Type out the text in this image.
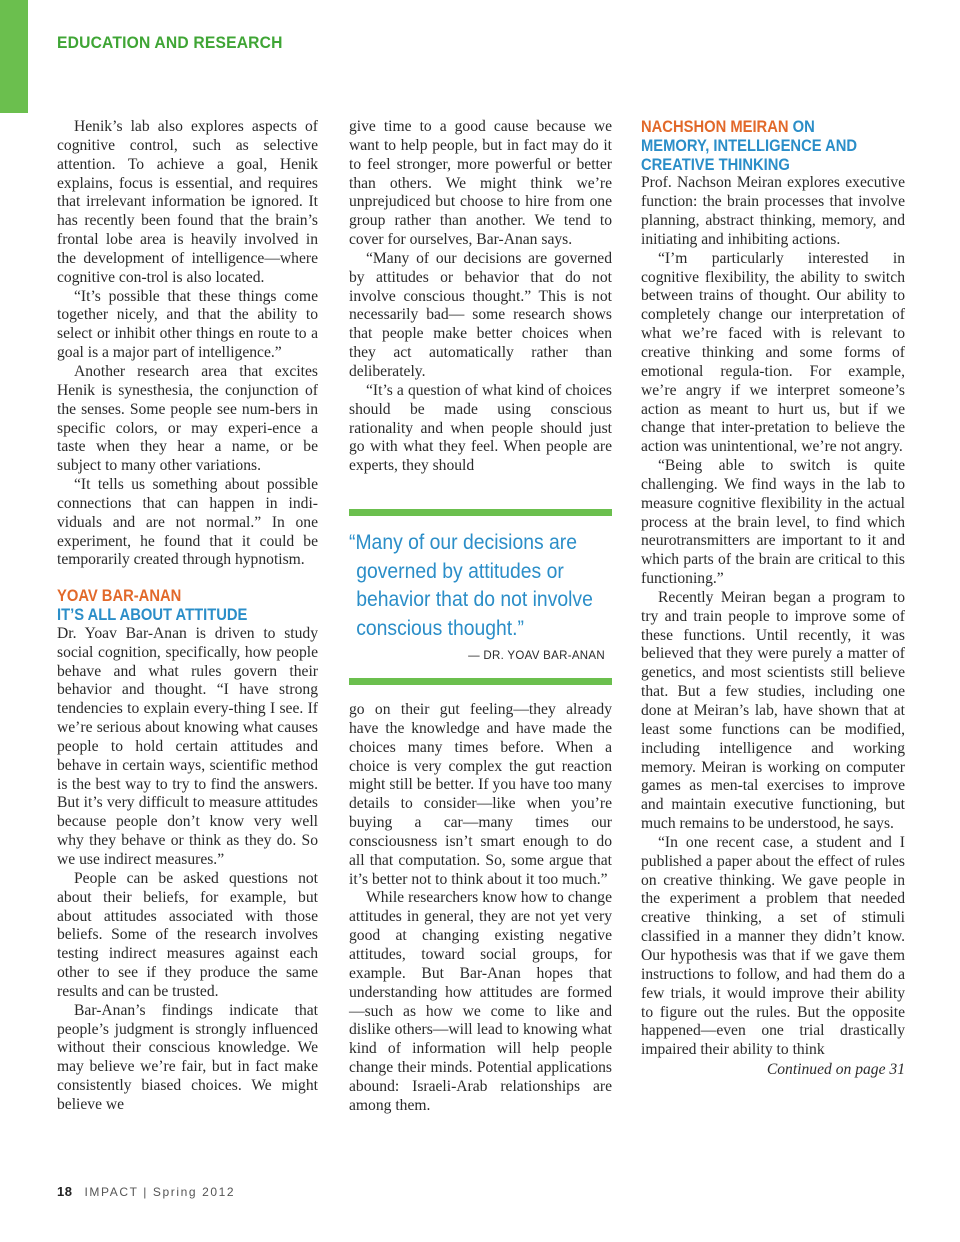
EDUCATION AND RESEARCH

Henik’s lab also explores aspects of cognitive control, such as selective attention. To achieve a goal, Henik explains, focus is essential, and requires that irrelevant information be ignored. It has recently been found that the brain’s frontal lobe area is heavily involved in the development of intelligence—where cognitive con-trol is also located.

“It’s possible that these things come together nicely, and that the ability to select or inhibit other things en route to a goal is a major part of intelligence.”

Another research area that excites Henik is synesthesia, the conjunction of the senses. Some people see num-bers in specific colors, or may experi-ence a taste when they hear a name, or be subject to many other variations.

“It tells us something about possible connections that can happen in indi-viduals and are not normal.” In one experiment, he found that it could be temporarily created through hypnotism.

YOAV BAR-ANAN
IT’S ALL ABOUT ATTITUDE

Dr. Yoav Bar-Anan is driven to study social cognition, specifically, how people behave and what rules govern their behavior and thought. “I have strong tendencies to explain every-thing I see. If we’re serious about knowing what causes people to hold certain attitudes and behave in certain ways, scientific method is the best way to try to find the answers. But it’s very difficult to measure attitudes because people don’t know very well why they behave or think as they do. So we use indirect measures.”

People can be asked questions not about their beliefs, for example, but about attitudes associated with those beliefs. Some of the research involves testing indirect measures against each other to see if they produce the same results and can be trusted.

Bar-Anan’s findings indicate that people’s judgment is strongly influenced without their conscious knowledge. We may believe we’re fair, but in fact make consistently biased choices. We might believe we

give time to a good cause because we want to help people, but in fact may do it to feel stronger, more powerful or better than others. We might think we’re unprejudiced but choose to hire from one group rather than another. We tend to cover for ourselves, Bar-Anan says.

“Many of our decisions are governed by attitudes or behavior that do not involve conscious thought.” This is not necessarily bad— some research shows that people make better choices when they act automatically rather than deliberately.

“It’s a question of what kind of choices should be made using conscious rationality and when people should just go with what they feel. When people are experts, they should

“Many of our decisions are
governed by attitudes or
behavior that do not involve
conscious thought.”
— DR. YOAV BAR-ANAN

go on their gut feeling—they already have the knowledge and have made the choices many times before. When a choice is very complex the gut reaction might still be better. If you have too many details to consider—like when you’re buying a car—many times our consciousness isn’t smart enough to do all that computation. So, some argue that it’s better not to think about it too much.”

While researchers know how to change attitudes in general, they are not yet very good at changing existing negative attitudes, toward social groups, for example. But Bar-Anan hopes that understanding how attitudes are formed—such as how we come to like and dislike others—will lead to knowing what kind of information will help people change their minds. Potential applications abound: Israeli-Arab relationships are among them.

NACHSHON MEIRAN ON
MEMORY, INTELLIGENCE AND
CREATIVE THINKING

Prof. Nachson Meiran explores executive function: the brain processes that involve planning, abstract thinking, memory, and initiating and inhibiting actions.

“I’m particularly interested in cognitive flexibility, the ability to switch between trains of thought. Our ability to completely change our interpretation of what we’re faced with is relevant to creative thinking and some forms of emotional regula-tion. For example, we’re angry if we interpret someone’s action as meant to hurt us, but if we change that inter-pretation to believe the action was unintentional, we’re not angry.

“Being able to switch is quite challenging. We find ways in the lab to measure cognitive flexibility in the actual process at the brain level, to find which neurotransmitters are important to it and which parts of the brain are critical to this functioning.”

Recently Meiran began a program to try and train people to improve some of these functions. Until recently, it was believed that they were purely a matter of genetics, and most scientists still believe that. But a few studies, including one done at Meiran’s lab, have shown that at least some functions can be modified, including intelligence and working memory. Meiran is working on computer games as men-tal exercises to improve and maintain executive functioning, but much remains to be understood, he says.

“In one recent case, a student and I published a paper about the effect of rules on creative thinking. We gave people in the experiment a problem that needed creative thinking, a set of stimuli classified in a manner they didn’t know. Our hypothesis was that if we gave them instructions to follow, and had them do a few trials, it would improve their ability to figure out the rules. But the opposite happened—even one trial drastically impaired their ability to think

Continued on page 31
18 IMPACT | Spring 2012
